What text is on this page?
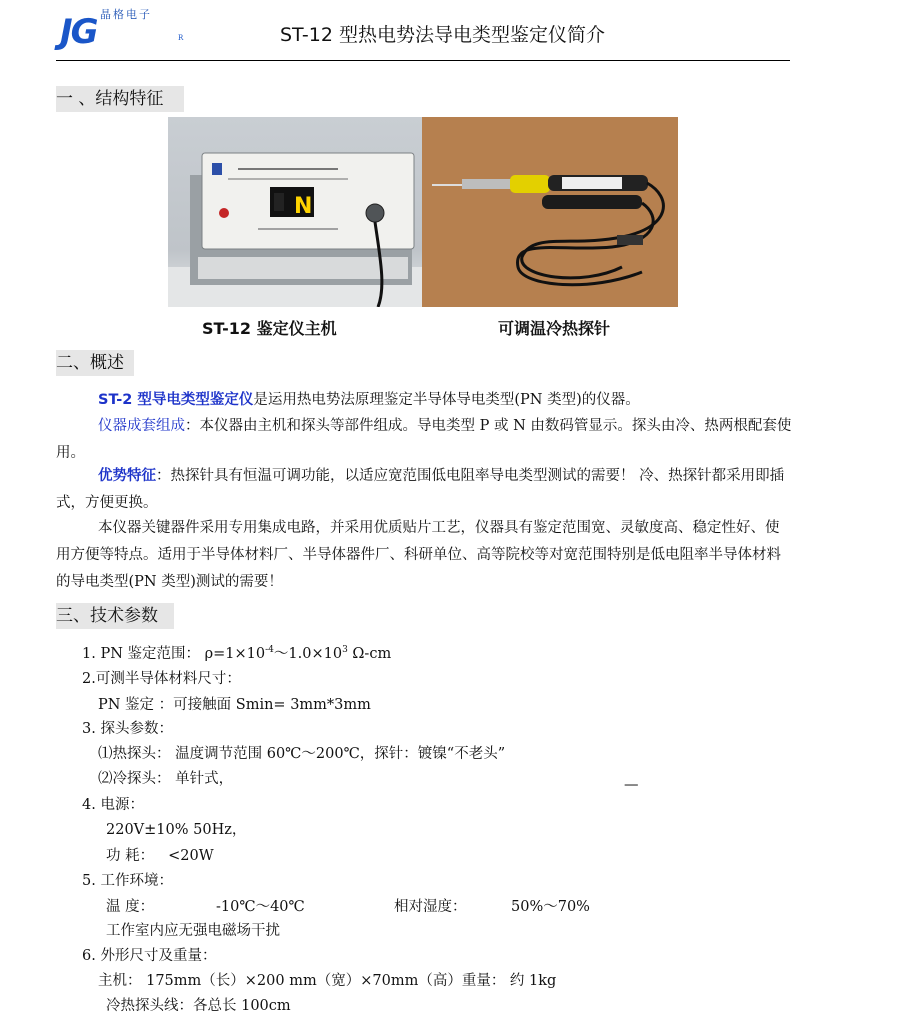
晶格电子
JG	R	ST-12 型热电势法导电类型鉴定仪简介
一 、结构特征
N
ST-12 鉴定仪主机	可调温冷热探针
二、概述
ST-2 型导电类型鉴定仪是运用热电势法原理鉴定半导体导电类型(PN 类型)的仪器。
仪器成套组成：本仪器由主机和探头等部件组成。导电类型 P 或 N 由数码管显示。探头由冷、热两根配套使用。
优势特征：热探针具有恒温可调功能，以适应宽范围低电阻率导电类型测试的需要！ 冷、热探针都采用即插式，方便更换。
本仪器关键器件采用专用集成电路，并采用优质贴片工艺，仪器具有鉴定范围宽、灵敏度高、稳定性好、使用方便等特点。适用于半导体材料厂、半导体器件厂、科研单位、高等院校等对宽范围特别是低电阻率半导体材料的导电类型(PN 类型)测试的需要！
三、技术参数
1. PN 鉴定范围： $\rho=1\times 10^{-4}\sim 1.0\times 10^3$ Ω-cm
2.可测半导体材料尺寸：
PN 鉴定 ：可接触面 Smin= 3mm*3mm
3. 探头参数：
⑴热探头： 温度调节范围 60℃～200℃，探针：镀镍“不老头”
⑵冷探头： 单针式，	—
4. 电源：
220V±10% 50Hz，
功 耗： <20W
5. 工作环境：
温 度：	-10℃～40℃	相对湿度：	50%～70%
工作室内应无强电磁场干扰
6. 外形尺寸及重量：
主机： 175mm（长）×200 mm（宽）×70mm（高）重量： 约 1kg
冷热探头线：各总长 100cm
